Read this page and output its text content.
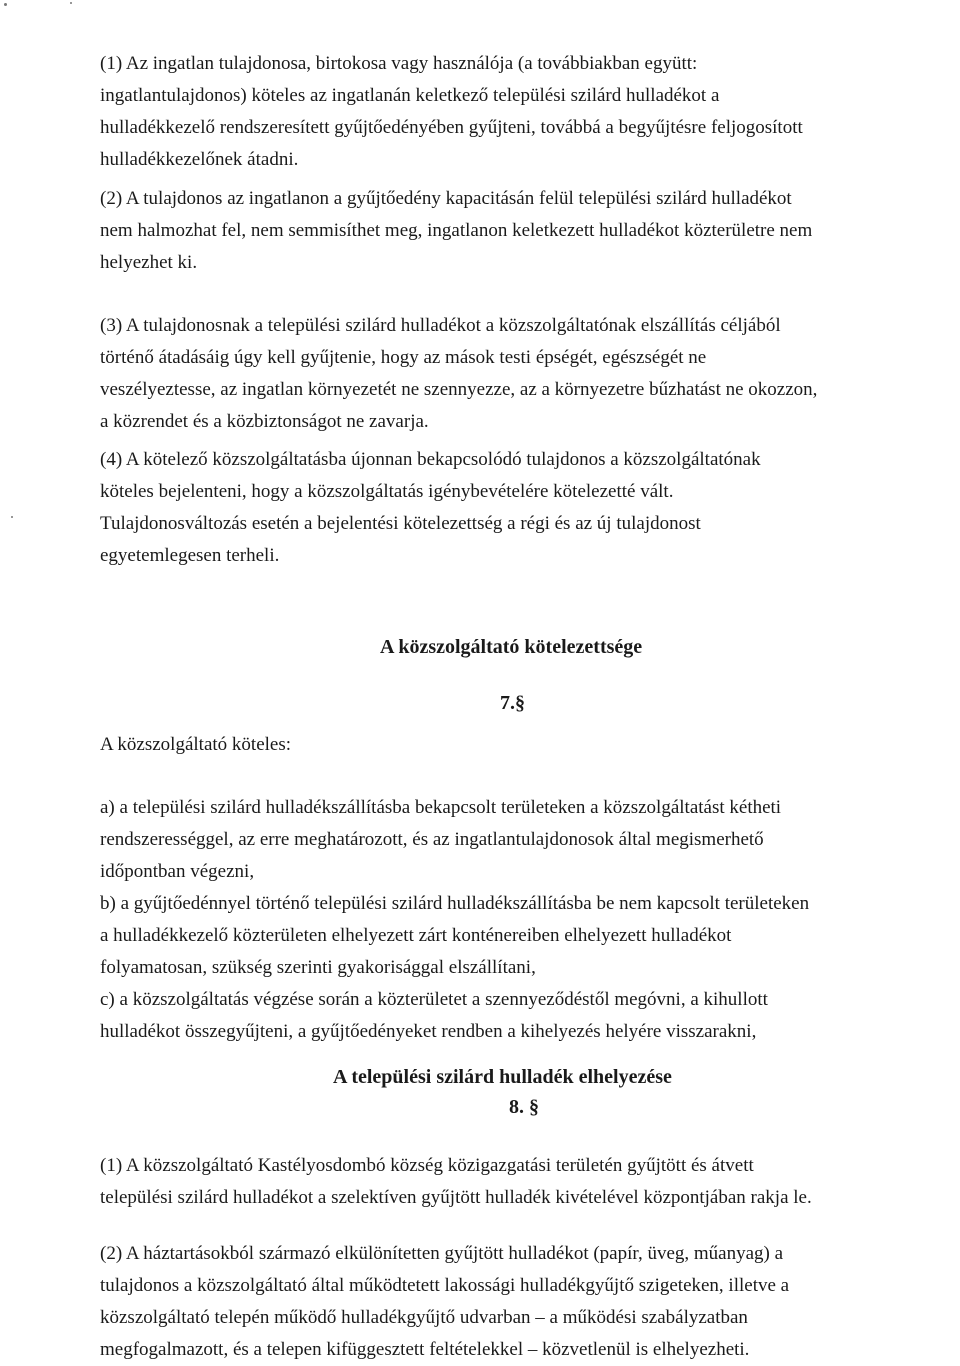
(1) Az ingatlan tulajdonosa, birtokosa vagy használója (a továbbiakban együtt:
ingatlantulajdonos) köteles az ingatlanán keletkező települési szilárd hulladékot a
hulladékkezelő rendszeresített gyűjtőedényében gyűjteni, továbbá a begyűjtésre feljogosított
hulladékkezelőnek átadni.
(2) A tulajdonos az ingatlanon a gyűjtőedény kapacitásán felül települési szilárd hulladékot
nem halmozhat fel, nem semmisíthet meg, ingatlanon keletkezett hulladékot közterületre nem
helyezhet ki.
(3) A tulajdonosnak a települési szilárd hulladékot a közszolgáltatónak elszállítás céljából
történő átadásáig úgy kell gyűjtenie, hogy az mások testi épségét, egészségét ne
veszélyeztesse, az ingatlan környezetét ne szennyezze, az a környezetre bűzhatást ne okozzon,
a közrendet és a közbiztonságot ne zavarja.
(4) A kötelező közszolgáltatásba újonnan bekapcsolódó tulajdonos a közszolgáltatónak
köteles bejelenteni, hogy a közszolgáltatás igénybevételére kötelezetté vált.
Tulajdonosváltozás esetén a bejelentési kötelezettség a régi és az új tulajdonost
egyetemlegesen terheli.
A közszolgáltató kötelezettsége
7.§
A közszolgáltató köteles:
a) a települési szilárd hulladékszállításba bekapcsolt területeken a közszolgáltatást kétheti
rendszerességgel, az erre meghatározott, és az ingatlantulajdonosok által megismerhető
időpontban végezni,
b) a gyűjtőedénnyel történő települési szilárd hulladékszállításba be nem kapcsolt területeken
a hulladékkezelő közterületen elhelyezett zárt konténereiben elhelyezett hulladékot
folyamatosan, szükség szerinti gyakorisággal elszállítani,
c) a közszolgáltatás végzése során a közterületet a szennyeződéstől megóvni, a kihullott
hulladékot összegyűjteni, a gyűjtőedényeket rendben a kihelyezés helyére visszarakni,
A települési szilárd hulladék elhelyezése
8. §
(1) A közszolgáltató Kastélyosdombó község közigazgatási területén gyűjtött és átvett
települési szilárd hulladékot a szelektíven gyűjtött hulladék kivételével központjában rakja le.
(2) A háztartásokból származó elkülönítetten gyűjtött hulladékot (papír, üveg, műanyag) a
tulajdonos a közszolgáltató által működtetett lakossági hulladékgyűjtő szigeteken, illetve a
közszolgáltató telepén működő hulladékgyűjtő udvarban – a működési szabályzatban
megfogalmazott, és a telepen kifüggesztett feltételekkel – közvetlenül is elhelyezheti.
